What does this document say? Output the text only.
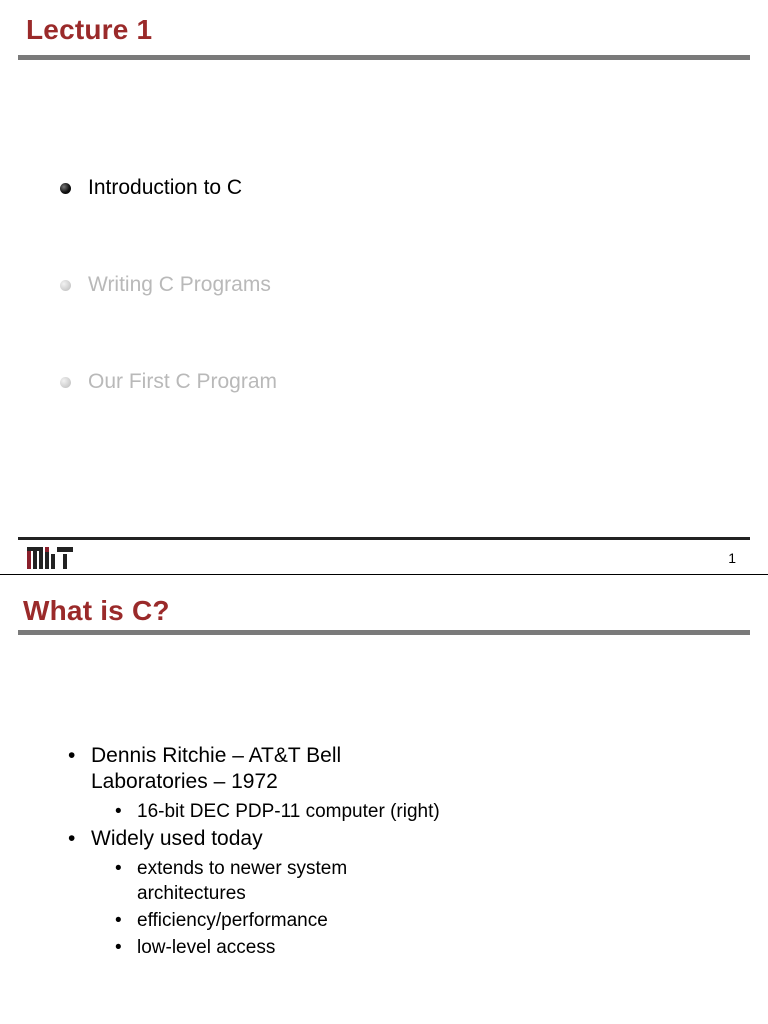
Lecture 1
Introduction to C
Writing C Programs
Our First C Program
1
What is C?
• Dennis Ritchie – AT&T Bell Laboratories – 1972
• 16-bit DEC PDP-11 computer (right)
• Widely used today
• extends to newer system architectures
• efficiency/performance
• low-level access
